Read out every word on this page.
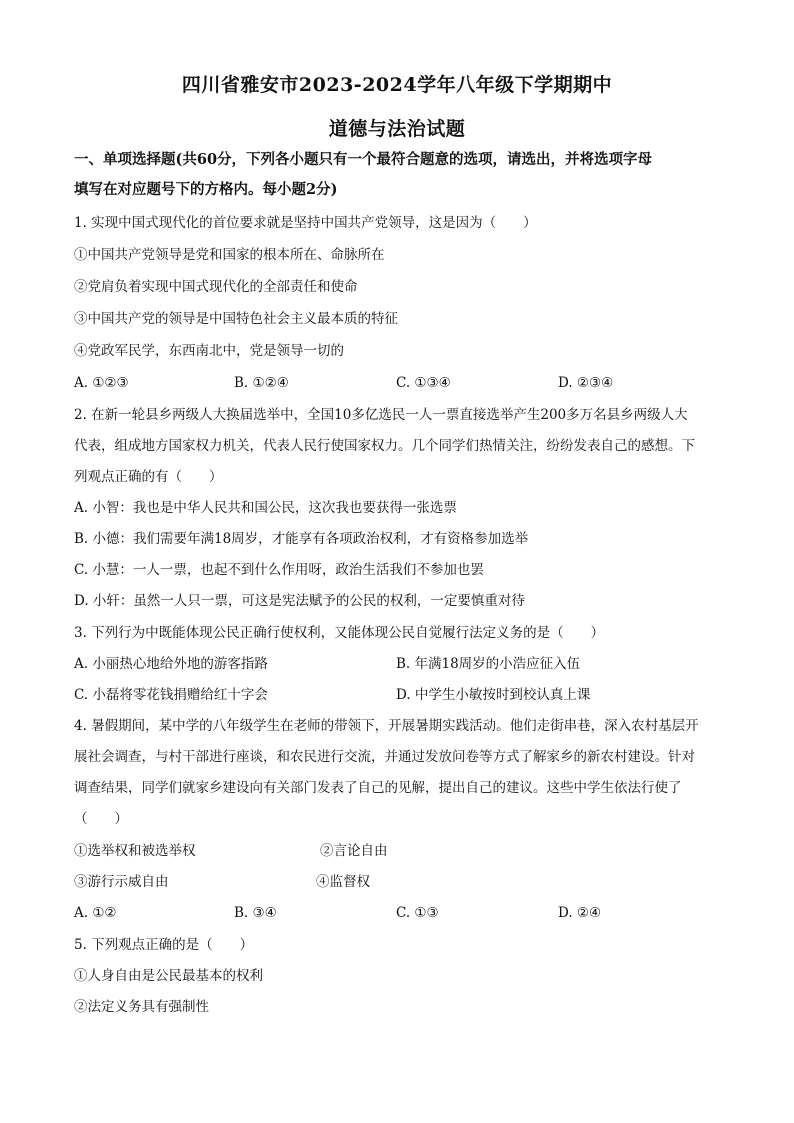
四川省雅安市2023-2024学年八年级下学期期中
道德与法治试题
一、单项选择题(共60分，下列各小题只有一个最符合题意的选项，请选出，并将选项字母
填写在对应题号下的方格内。每小题2分)
1. 实现中国式现代化的首位要求就是坚持中国共产党领导，这是因为（　　）
①中国共产党领导是党和国家的根本所在、命脉所在
②党肩负着实现中国式现代化的全部责任和使命
③中国共产党的领导是中国特色社会主义最本质的特征
④党政军民学，东西南北中，党是领导一切的
A. ①②③	B. ①②④	C. ①③④	D. ②③④
2. 在新一轮县乡两级人大换届选举中，全国10多亿选民一人一票直接选举产生200多万名县乡两级人大
代表，组成地方国家权力机关，代表人民行使国家权力。几个同学们热情关注，纷纷发表自己的感想。下
列观点正确的有（　　）
A. 小智：我也是中华人民共和国公民，这次我也要获得一张选票
B. 小德：我们需要年满18周岁，才能享有各项政治权利，才有资格参加选举
C. 小慧：一人一票，也起不到什么作用呀，政治生活我们不参加也罢
D. 小轩：虽然一人只一票，可这是宪法赋予的公民的权利，一定要慎重对待
3. 下列行为中既能体现公民正确行使权利，又能体现公民自觉履行法定义务的是（　　）
A. 小丽热心地给外地的游客指路	B. 年满18周岁的小浩应征入伍
C. 小磊将零花钱捐赠给红十字会	D. 中学生小敏按时到校认真上课
4. 暑假期间，某中学的八年级学生在老师的带领下，开展暑期实践活动。他们走街串巷，深入农村基层开
展社会调查，与村干部进行座谈，和农民进行交流，并通过发放问卷等方式了解家乡的新农村建设。针对
调查结果，同学们就家乡建设向有关部门发表了自己的见解，提出自己的建议。这些中学生依法行使了
（　　）
①选举权和被选举权	②言论自由
③游行示威自由	④监督权
A. ①②	B. ③④	C. ①③	D. ②④
5. 下列观点正确的是（　　）
①人身自由是公民最基本的权利
②法定义务具有强制性
